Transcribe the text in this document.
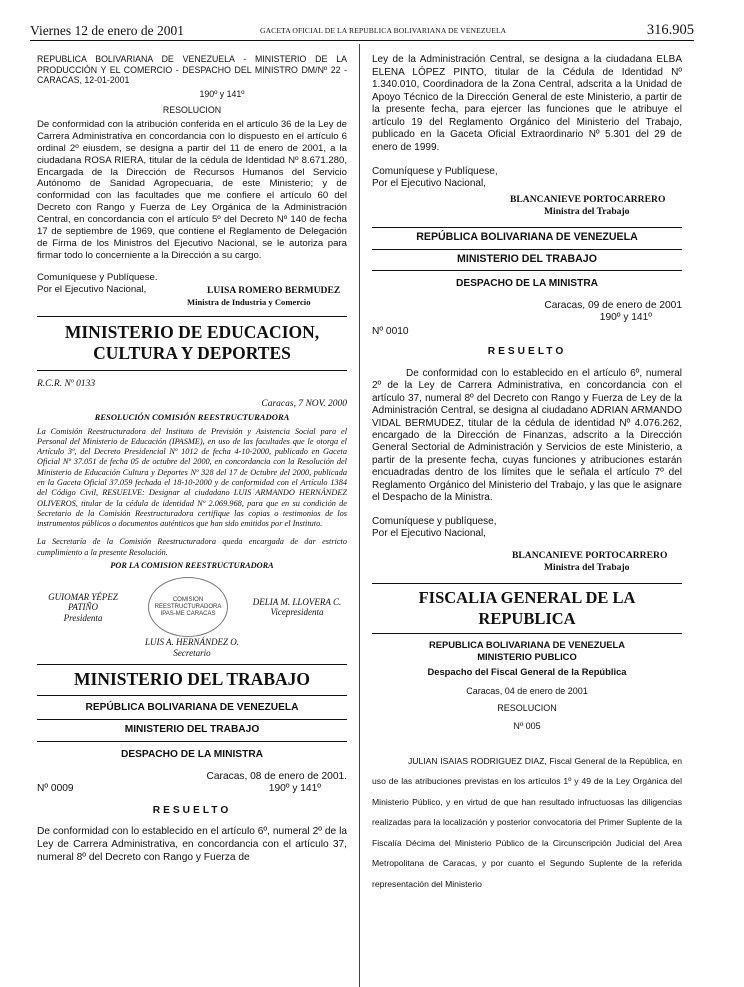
Viernes 12 de enero de 2001	GACETA OFICIAL DE LA REPUBLICA BOLIVARIANA DE VENEZUELA	316.905

REPUBLICA BOLIVARIANA DE VENEZUELA - MINISTERIO DE LA PRODUCCIÓN Y EL COMERCIO - DESPACHO DEL MINISTRO DM/Nº 22 - CARACAS, 12-01-2001

190º y 141º

RESOLUCION

De conformidad con la atribución conferida en el artículo 36 de la Ley de Carrera Administrativa en concordancia con lo dispuesto en el artículo 6 ordinal 2º eiusdem, se designa a partir del 11 de enero de 2001, a la ciudadana ROSA RIERA, titular de la cédula de Identidad Nº 8.671.280, Encargada de la Dirección de Recursos Humanos del Servicio Autónomo de Sanidad Agropecuaria, de este Ministerio; y de conformidad con las facultades que me confiere el artículo 60 del Decreto con Rango y Fuerza de Ley Orgánica de la Administración Central, en concordancia con el artículo 5º del Decreto Nº 140 de fecha 17 de septiembre de 1969, que contiene el Reglamento de Delegación de Firma de los Ministros del Ejecutivo Nacional, se le autoriza para firmar todo lo concerniente a la Dirección a su cargo.

Comuníquese y Publíquese.

Por el Ejecutivo Nacional,	LUISA ROMERO BERMUDEZ

Ministra de Industria y Comercio

MINISTERIO DE EDUCACION, CULTURA Y DEPORTES

R.C.R. Nº 0133

Caracas, 7 NOV. 2000

RESOLUCIÓN COMISIÓN REESTRUCTURADORA

La Comisión Reestructuradora del Instituto de Previsión y Asistencia Social para el Personal del Ministerio de Educación (IPASME), en uso de las facultades que le otorga el Artículo 3º, del Decreto Presidencial Nº 1012 de fecha 4-10-2000, publicado en Gaceta Oficial Nº 37.051 de fecha 05 de octubre del 2000, en concordancia con la Resolución del Ministerio de Educación Cultura y Deportes Nº 328 del 17 de Octubre del 2000, publicada en la Gaceta Oficial 37.059 fechada el 18-10-2000 y de conformidad con el Artículo 1384 del Código Civil, RESUELVE: Designar al ciudadano LUIS ARMANDO HERNÁNDEZ OLIVEROS, titular de la cédula de identidad Nº 2.069.968, para que en su condición de Secretario de la Comisión Reestructuradora certifique las copias o testimonios de los instrumentos públicos o documentos auténticos que han sido emitidos por el Instituto.

La Secretaría de la Comisión Reestructuradora queda encargada de dar estricto cumplimiento a la presente Resolución.

POR LA COMISION REESTRUCTURADORA

GUIOMAR YÉPEZ PATIÑO

Presidenta

COMISION REESTRUCTURADORA IPAS-ME CARACAS

DELIA M. LLOVERA C.

Vicepresidenta

LUIS A. HERNÁNDEZ O.

Secretario

MINISTERIO DEL TRABAJO

REPÚBLICA BOLIVARIANA DE VENEZUELA

MINISTERIO DEL TRABAJO

DESPACHO DE LA MINISTRA

Caracas, 08 de enero de 2001.

Nº 0009	190º y 141º

RESUELTO

De conformidad con lo establecido en el artículo 6º, numeral 2º de la Ley de Carrera Administrativa, en concordancia con el artículo 37, numeral 8º del Decreto con Rango y Fuerza de

Ley de la Administración Central, se designa a la ciudadana ELBA ELENA LÓPEZ PINTO, titular de la Cédula de Identidad Nº 1.340.010, Coordinadora de la Zona Central, adscrita a la Unidad de Apoyo Técnico de la Dirección General de este Ministerio, a partir de la presente fecha, para ejercer las funciones que le atribuye el artículo 19 del Reglamento Orgánico del Ministerio del Trabajo, publicado en la Gaceta Oficial Extraordinario Nº 5.301 del 29 de enero de 1999.

Comuníquese y Publíquese,

Por el Ejecutivo Nacional,

BLANCANIEVE PORTOCARRERO

Ministra del Trabajo

REPÚBLICA BOLIVARIANA DE VENEZUELA

MINISTERIO DEL TRABAJO

DESPACHO DE LA MINISTRA

Caracas, 09 de enero de 2001

190º y 141º

Nº 0010

RESUELTO

De conformidad con lo establecido en el artículo 6º, numeral 2º de la Ley de Carrera Administrativa, en concordancia con el artículo 37, numeral 8º del Decreto con Rango y Fuerza de Ley de la Administración Central, se designa al ciudadano ADRIAN ARMANDO VIDAL BERMUDEZ, titular de la cédula de identidad Nº 4.076.262, encargado de la Dirección de Finanzas, adscrito a la Dirección General Sectorial de Administración y Servicios de este Ministerio, a partir de la presente fecha, cuyas funciones y atribuciones estarán encuadradas dentro de los límites que le señala el artículo 7º del Reglamento Orgánico del Ministerio del Trabajo, y las que le asignare el Despacho de la Ministra.

Comuníquese y publíquese,

Por el Ejecutivo Nacional,

BLANCANIEVE PORTOCARRERO

Ministra del Trabajo

FISCALIA GENERAL DE LA REPUBLICA

REPUBLICA BOLIVARIANA DE VENEZUELA

MINISTERIO PUBLICO

Despacho del Fiscal General de la República

Caracas, 04 de enero de 2001

RESOLUCION

Nº 005

JULIAN ISAIAS RODRIGUEZ DIAZ, Fiscal General de la República, en uso de las atribuciones previstas en los artículos 1º y 49 de la Ley Orgánica del Ministerio Público, y en virtud de que han resultado infructuosas las diligencias realizadas para la localización y posterior convocatoria del Primer Suplente de la Fiscalía Décima del Ministerio Público de la Circunscripción Judicial del Area Metropolitana de Caracas, y por cuanto el Segundo Suplente de la referida representación del Ministerio
